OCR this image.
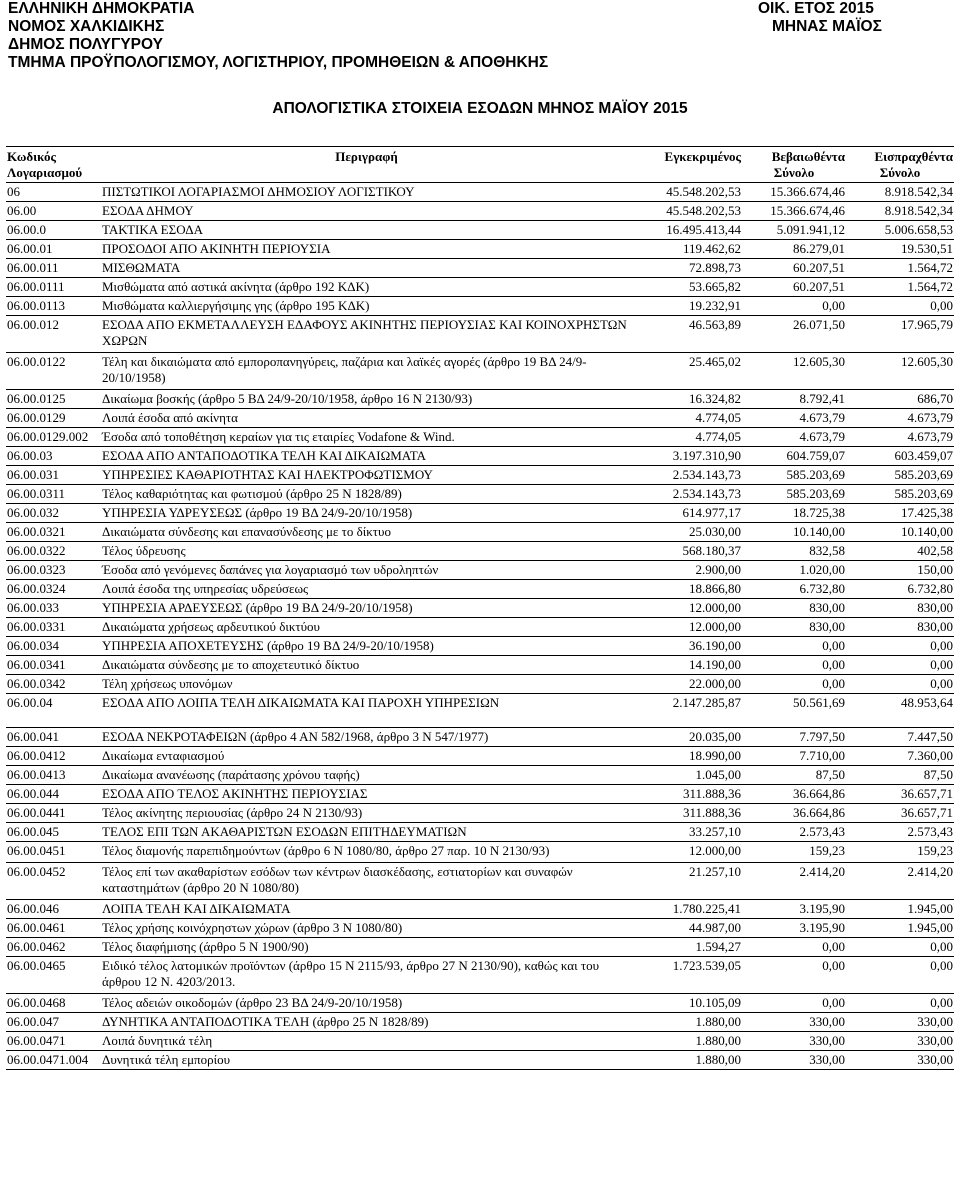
ΕΛΛΗΝΙΚΗ ΔΗΜΟΚΡΑΤΙΑ	ΟΙΚ. ΕΤΟΣ 2015
ΝΟΜΟΣ ΧΑΛΚΙΔΙΚΗΣ	ΜΗΝΑΣ ΜΑΪΟΣ
ΔΗΜΟΣ ΠΟΛΥΓΥΡΟΥ
ΤΜΗΜΑ ΠΡΟΫΠΟΛΟΓΙΣΜΟΥ, ΛΟΓΙΣΤΗΡΙΟΥ, ΠΡΟΜΗΘΕΙΩΝ & ΑΠΟΘΗΚΗΣ
ΑΠΟΛΟΓΙΣΤΙΚΑ ΣΤΟΙΧΕΙΑ ΕΣΟΔΩΝ ΜΗΝΟΣ ΜΑΪΟΥ 2015
Κωδικός	Περιγραφή	Εγκεκριμένος	Βεβαιωθέντα	Εισπραχθέντα
Λογαριασμού			Σύνολο	Σύνολο
06	ΠΙΣΤΩΤΙΚΟΙ ΛΟΓΑΡΙΑΣΜΟΙ ΔΗΜΟΣΙΟΥ ΛΟΓΙΣΤΙΚΟΥ	45.548.202,53	15.366.674,46	8.918.542,34
06.00	ΕΣΟΔΑ ΔΗΜΟΥ	45.548.202,53	15.366.674,46	8.918.542,34
06.00.0	ΤΑΚΤΙΚΑ ΕΣΟΔΑ	16.495.413,44	5.091.941,12	5.006.658,53
06.00.01	ΠΡΟΣΟΔΟΙ ΑΠΟ ΑΚΙΝΗΤΗ ΠΕΡΙΟΥΣΙΑ	119.462,62	86.279,01	19.530,51
06.00.011	ΜΙΣΘΩΜΑΤΑ	72.898,73	60.207,51	1.564,72
06.00.0111	Μισθώματα από αστικά ακίνητα (άρθρο 192 ΚΔΚ)	53.665,82	60.207,51	1.564,72
06.00.0113	Μισθώματα καλλιεργήσιμης γης (άρθρο 195 ΚΔΚ)	19.232,91	0,00	0,00
06.00.012	ΕΣΟΔΑ ΑΠΟ ΕΚΜΕΤΑΛΛΕΥΣΗ ΕΔΑΦΟΥΣ ΑΚΙΝΗΤΗΣ ΠΕΡΙΟΥΣΙΑΣ ΚΑΙ ΚΟΙΝΟΧΡΗΣΤΩΝ ΧΩΡΩΝ	46.563,89	26.071,50	17.965,79
06.00.0122	Τέλη και δικαιώματα από εμποροπανηγύρεις, παζάρια και λαϊκές αγορές (άρθρο 19 ΒΔ 24/9-20/10/1958)	25.465,02	12.605,30	12.605,30
06.00.0125	Δικαίωμα βοσκής (άρθρο 5 ΒΔ 24/9-20/10/1958, άρθρο 16 Ν 2130/93)	16.324,82	8.792,41	686,70
06.00.0129	Λοιπά έσοδα από ακίνητα	4.774,05	4.673,79	4.673,79
06.00.0129.002	Έσοδα από τοποθέτηση κεραίων για τις εταιρίες Vodafone & Wind.	4.774,05	4.673,79	4.673,79
06.00.03	ΕΣΟΔΑ ΑΠΟ ΑΝΤΑΠΟΔΟΤΙΚΑ ΤΕΛΗ ΚΑΙ ΔΙΚΑΙΩΜΑΤΑ	3.197.310,90	604.759,07	603.459,07
06.00.031	ΥΠΗΡΕΣΙΕΣ ΚΑΘΑΡΙΟΤΗΤΑΣ ΚΑΙ ΗΛΕΚΤΡΟΦΩΤΙΣΜΟΥ	2.534.143,73	585.203,69	585.203,69
06.00.0311	Τέλος καθαριότητας και φωτισμού (άρθρο 25 Ν 1828/89)	2.534.143,73	585.203,69	585.203,69
06.00.032	ΥΠΗΡΕΣΙΑ ΥΔΡΕΥΣΕΩΣ (άρθρο 19 ΒΔ 24/9-20/10/1958)	614.977,17	18.725,38	17.425,38
06.00.0321	Δικαιώματα σύνδεσης και επανασύνδεσης με το δίκτυο	25.030,00	10.140,00	10.140,00
06.00.0322	Τέλος ύδρευσης	568.180,37	832,58	402,58
06.00.0323	Έσοδα από γενόμενες δαπάνες για λογαριασμό των υδροληπτών	2.900,00	1.020,00	150,00
06.00.0324	Λοιπά έσοδα της υπηρεσίας υδρεύσεως	18.866,80	6.732,80	6.732,80
06.00.033	ΥΠΗΡΕΣΙΑ ΑΡΔΕΥΣΕΩΣ (άρθρο 19 ΒΔ 24/9-20/10/1958)	12.000,00	830,00	830,00
06.00.0331	Δικαιώματα χρήσεως αρδευτικού δικτύου	12.000,00	830,00	830,00
06.00.034	ΥΠΗΡΕΣΙΑ ΑΠΟΧΕΤΕΥΣΗΣ (άρθρο 19 ΒΔ 24/9-20/10/1958)	36.190,00	0,00	0,00
06.00.0341	Δικαιώματα σύνδεσης με το αποχετευτικό δίκτυο	14.190,00	0,00	0,00
06.00.0342	Τέλη χρήσεως υπονόμων	22.000,00	0,00	0,00
06.00.04	ΕΣΟΔΑ ΑΠΟ ΛΟΙΠΑ ΤΕΛΗ ΔΙΚΑΙΩΜΑΤΑ ΚΑΙ ΠΑΡΟΧΗ ΥΠΗΡΕΣΙΩΝ	2.147.285,87	50.561,69	48.953,64
06.00.041	ΕΣΟΔΑ ΝΕΚΡΟΤΑΦΕΙΩΝ (άρθρο 4 ΑΝ 582/1968, άρθρο 3 Ν 547/1977)	20.035,00	7.797,50	7.447,50
06.00.0412	Δικαίωμα ενταφιασμού	18.990,00	7.710,00	7.360,00
06.00.0413	Δικαίωμα ανανέωσης (παράτασης χρόνου ταφής)	1.045,00	87,50	87,50
06.00.044	ΕΣΟΔΑ ΑΠΟ ΤΕΛΟΣ ΑΚΙΝΗΤΗΣ ΠΕΡΙΟΥΣΙΑΣ	311.888,36	36.664,86	36.657,71
06.00.0441	Τέλος ακίνητης περιουσίας (άρθρο 24 Ν 2130/93)	311.888,36	36.664,86	36.657,71
06.00.045	ΤΕΛΟΣ ΕΠΙ ΤΩΝ ΑΚΑΘΑΡΙΣΤΩΝ ΕΣΟΔΩΝ ΕΠΙΤΗΔΕΥΜΑΤΙΩΝ	33.257,10	2.573,43	2.573,43
06.00.0451	Τέλος διαμονής παρεπιδημούντων (άρθρο 6 Ν 1080/80, άρθρο 27 παρ. 10 Ν 2130/93)	12.000,00	159,23	159,23
06.00.0452	Τέλος επί των ακαθαρίστων εσόδων των κέντρων διασκέδασης, εστιατορίων και συναφών καταστημάτων (άρθρο 20 Ν 1080/80)	21.257,10	2.414,20	2.414,20
06.00.046	ΛΟΙΠΑ ΤΕΛΗ ΚΑΙ ΔΙΚΑΙΩΜΑΤΑ	1.780.225,41	3.195,90	1.945,00
06.00.0461	Τέλος χρήσης κοινόχρηστων χώρων (άρθρο 3 Ν 1080/80)	44.987,00	3.195,90	1.945,00
06.00.0462	Τέλος διαφήμισης (άρθρο 5 Ν 1900/90)	1.594,27	0,00	0,00
06.00.0465	Ειδικό τέλος λατομικών προϊόντων (άρθρο 15 Ν 2115/93, άρθρο 27 Ν 2130/90), καθώς και του άρθρου 12 Ν. 4203/2013.	1.723.539,05	0,00	0,00
06.00.0468	Τέλος αδειών οικοδομών (άρθρο 23 ΒΔ 24/9-20/10/1958)	10.105,09	0,00	0,00
06.00.047	ΔΥΝΗΤΙΚΑ ΑΝΤΑΠΟΔΟΤΙΚΑ ΤΕΛΗ (άρθρο 25 Ν 1828/89)	1.880,00	330,00	330,00
06.00.0471	Λοιπά δυνητικά τέλη	1.880,00	330,00	330,00
06.00.0471.004	Δυνητικά τέλη εμπορίου	1.880,00	330,00	330,00
